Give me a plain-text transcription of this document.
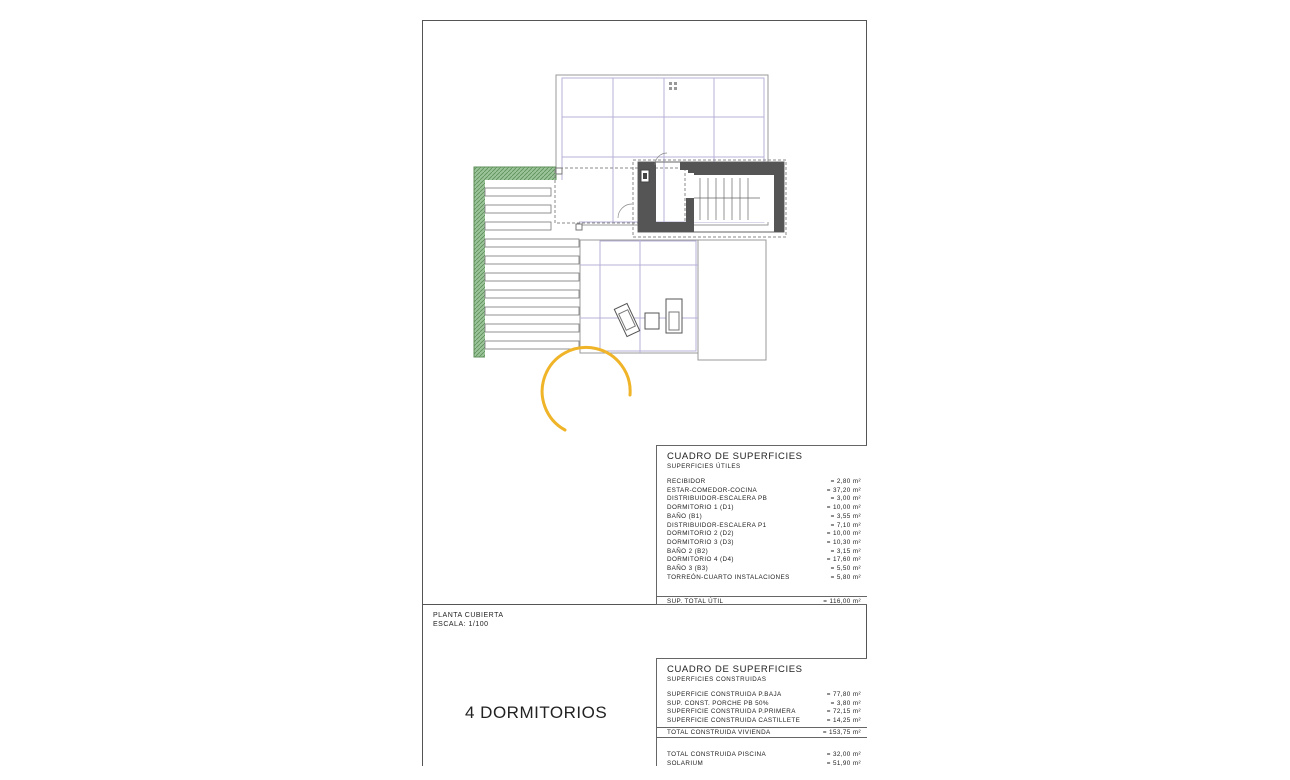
CUADRO DE SUPERFICIES
SUPERFICIES ÚTILES
RECIBIDOR	= 2,80 m²
ESTAR-COMEDOR-COCINA	= 37,20 m²
DISTRIBUIDOR-ESCALERA PB	= 3,00 m²
DORMITORIO 1 (D1)	= 10,00 m²
BAÑO (B1)	= 3,55 m²
DISTRIBUIDOR-ESCALERA P1	= 7,10 m²
DORMITORIO 2 (D2)	= 10,00 m²
DORMITORIO 3 (D3)	= 10,30 m²
BAÑO 2 (B2)	= 3,15 m²
DORMITORIO 4 (D4)	= 17,60 m²
BAÑO 3 (B3)	= 5,50 m²
TORREÓN-CUARTO INSTALACIONES	= 5,80 m²
SUP. TOTAL ÚTIL	= 116,00 m²
PLANTA CUBIERTA
ESCALA: 1/100
CUADRO DE SUPERFICIES
SUPERFICIES CONSTRUIDAS
SUPERFICIE CONSTRUIDA P.BAJA	= 77,80 m²
SUP. CONST. PORCHE PB 50%	= 3,80 m²
SUPERFICIE CONSTRUIDA P.PRIMERA	= 72,15 m²
SUPERFICIE CONSTRUIDA CASTILLETE	= 14,25 m²
TOTAL CONSTRUIDA VIVIENDA	= 153,75 m²
TOTAL CONSTRUIDA PISCINA	= 32,00 m²
SOLARIUM	= 51,90 m²
4 DORMITORIOS
